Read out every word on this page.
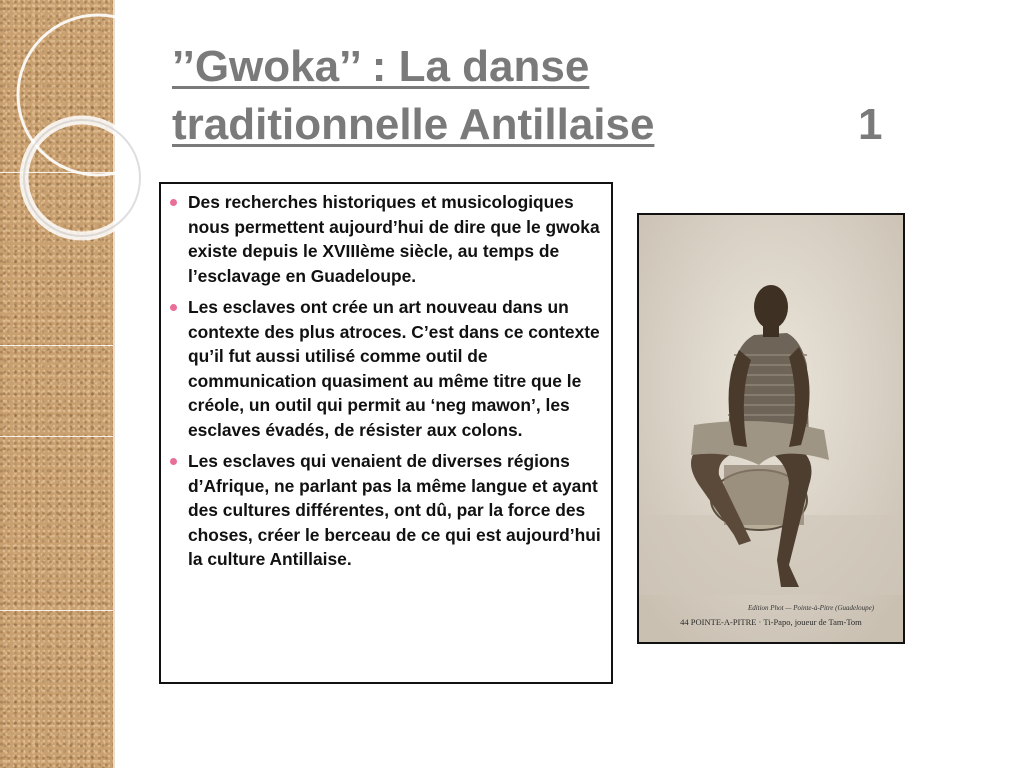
’’Gwoka’’ : La danse
traditionnelle Antillaise	1
Des recherches historiques et musicologiques nous permettent aujourd’hui de dire que le gwoka existe depuis le XVIIIème siècle, au temps de l’esclavage en Guadeloupe.
Les esclaves ont crée un art nouveau dans un contexte des plus atroces. C’est dans ce contexte qu’il fut aussi utilisé comme outil de communication quasiment au même titre que le créole, un outil qui permit au ‘neg mawon’, les esclaves évadés, de résister aux colons.
Les esclaves qui venaient de diverses régions d’Afrique, ne parlant pas la même langue et ayant des cultures différentes, ont dû, par la force des choses, créer le berceau de ce qui est aujourd’hui la culture Antillaise.
Edition Phot — Pointe-à-Pitre (Guadeloupe)
44 POINTE-A-PITRE · Ti-Papo, joueur de Tam-Tom
